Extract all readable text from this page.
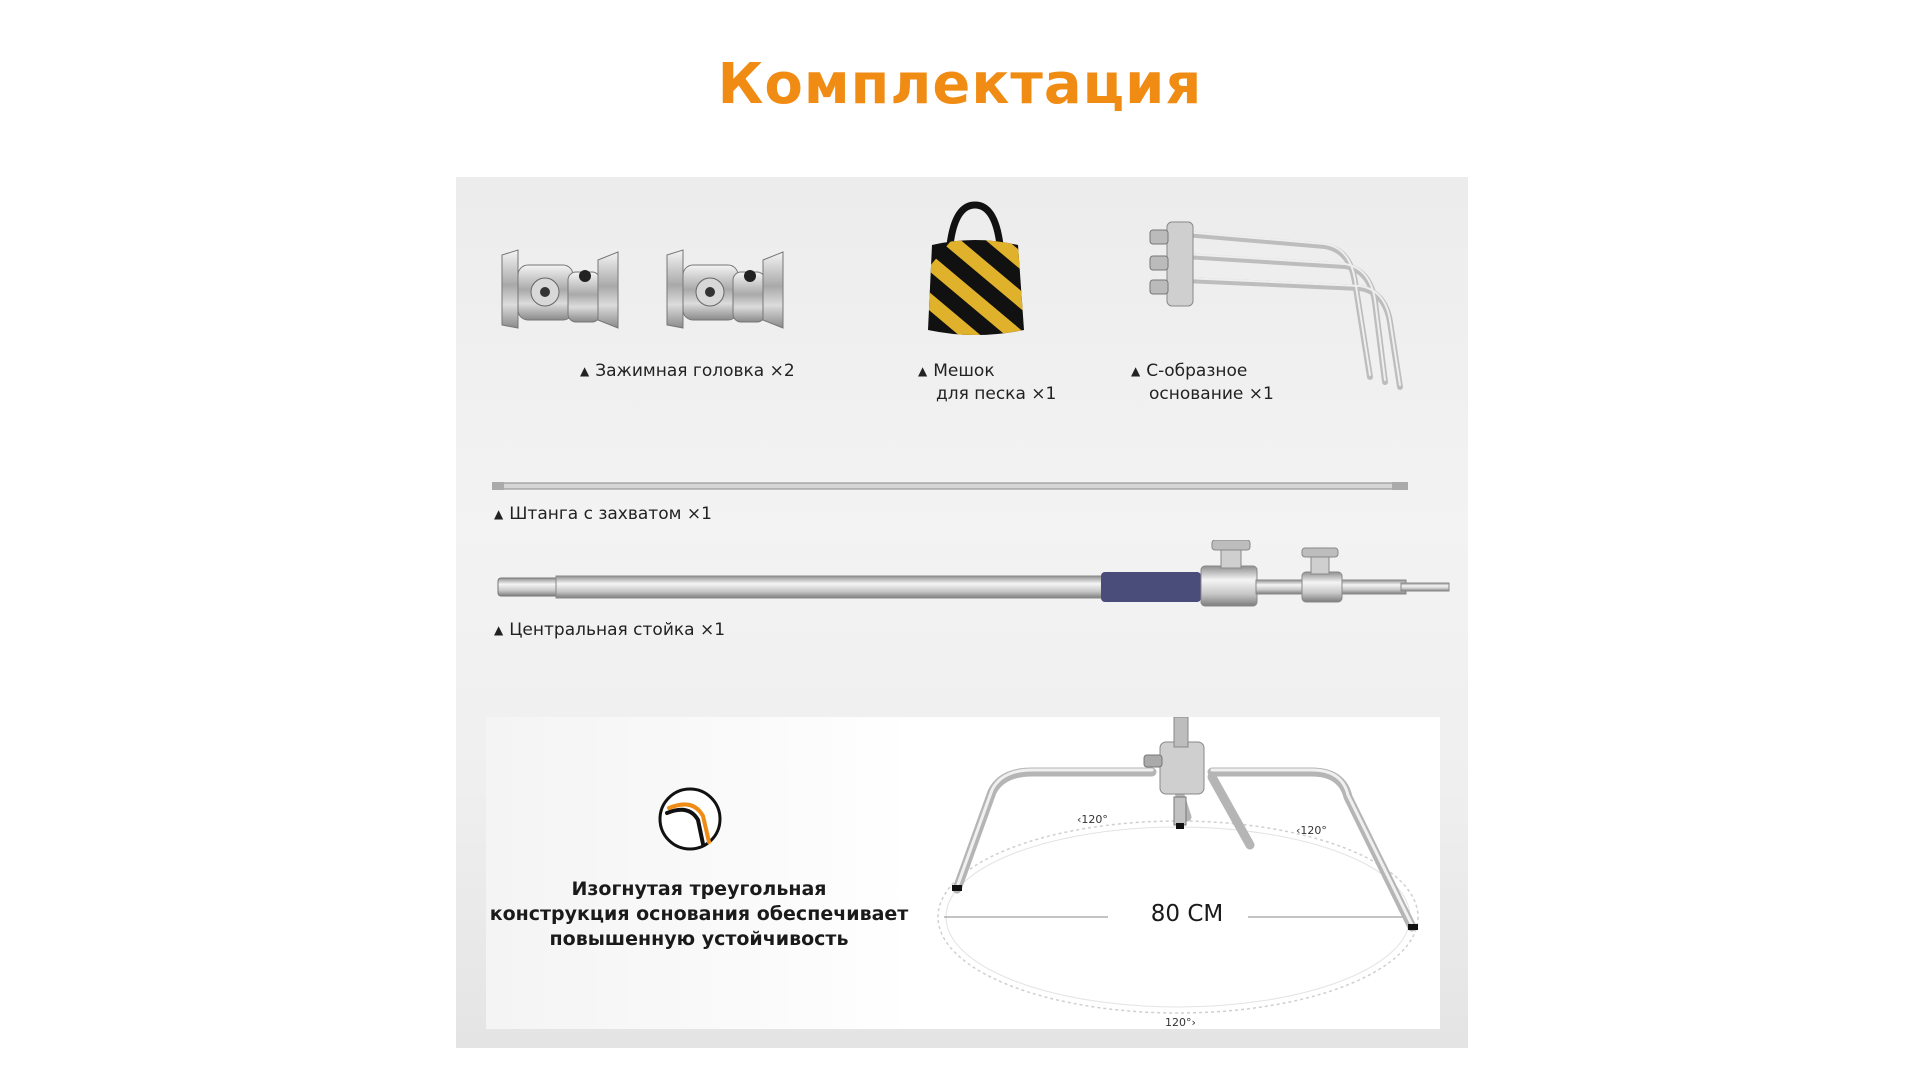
Комплектация
▲ Зажимная головка ×2	▲ Мешок
для песка ×1
▲ С-образное
основание ×1
▲ Штанга с захватом ×1
▲ Центральная стойка ×1
Изогнутая треугольная
конструкция основания обеспечивает
повышенную устойчивость
‹120°
‹120°
120°›
80 СМ
